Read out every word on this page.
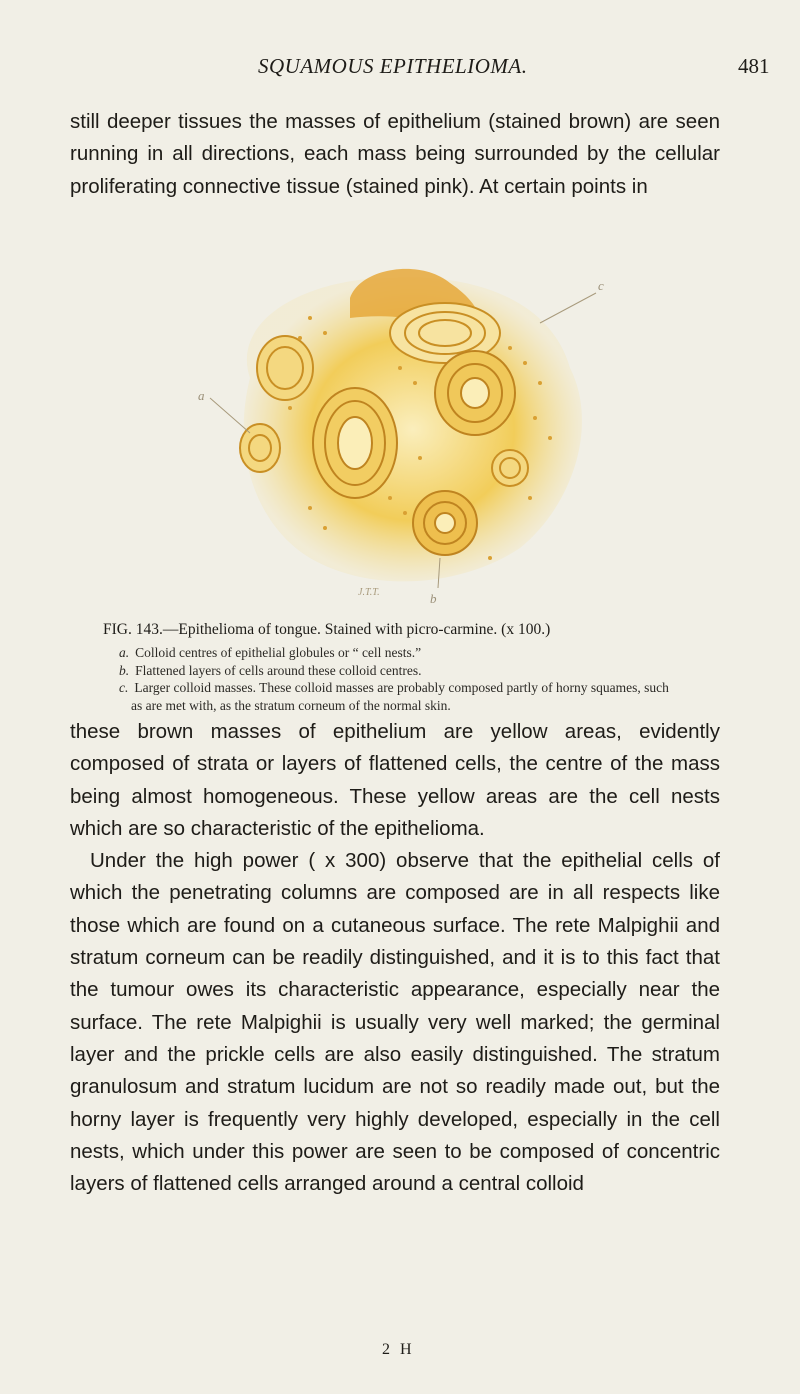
SQUAMOUS EPITHELIOMA.	481

still deeper tissues the masses of epithelium (stained brown) are seen running in all directions, each mass being surrounded by the cellular proliferating connective tissue (stained pink). At certain points in

a
c
b
J.T.T.

FIG. 143.—Epithelioma of tongue. Stained with picro-carmine. (x 100.)

a. Colloid centres of epithelial globules or “ cell nests.”
b. Flattened layers of cells around these colloid centres.
c. Larger colloid masses. These colloid masses are probably composed partly of horny squames, such as are met with, as the stratum corneum of the normal skin.

these brown masses of epithelium are yellow areas, evidently composed of strata or layers of flattened cells, the centre of the mass being almost homogeneous. These yellow areas are the cell nests which are so characteristic of the epithelioma.

Under the high power ( x 300) observe that the epithelial cells of which the penetrating columns are composed are in all respects like those which are found on a cutaneous surface. The rete Malpighii and stratum corneum can be readily distinguished, and it is to this fact that the tumour owes its characteristic appearance, especially near the surface. The rete Malpighii is usually very well marked; the germinal layer and the prickle cells are also easily distinguished. The stratum granulosum and stratum lucidum are not so readily made out, but the horny layer is frequently very highly developed, especially in the cell nests, which under this power are seen to be composed of concentric layers of flattened cells arranged around a central colloid

2 H
